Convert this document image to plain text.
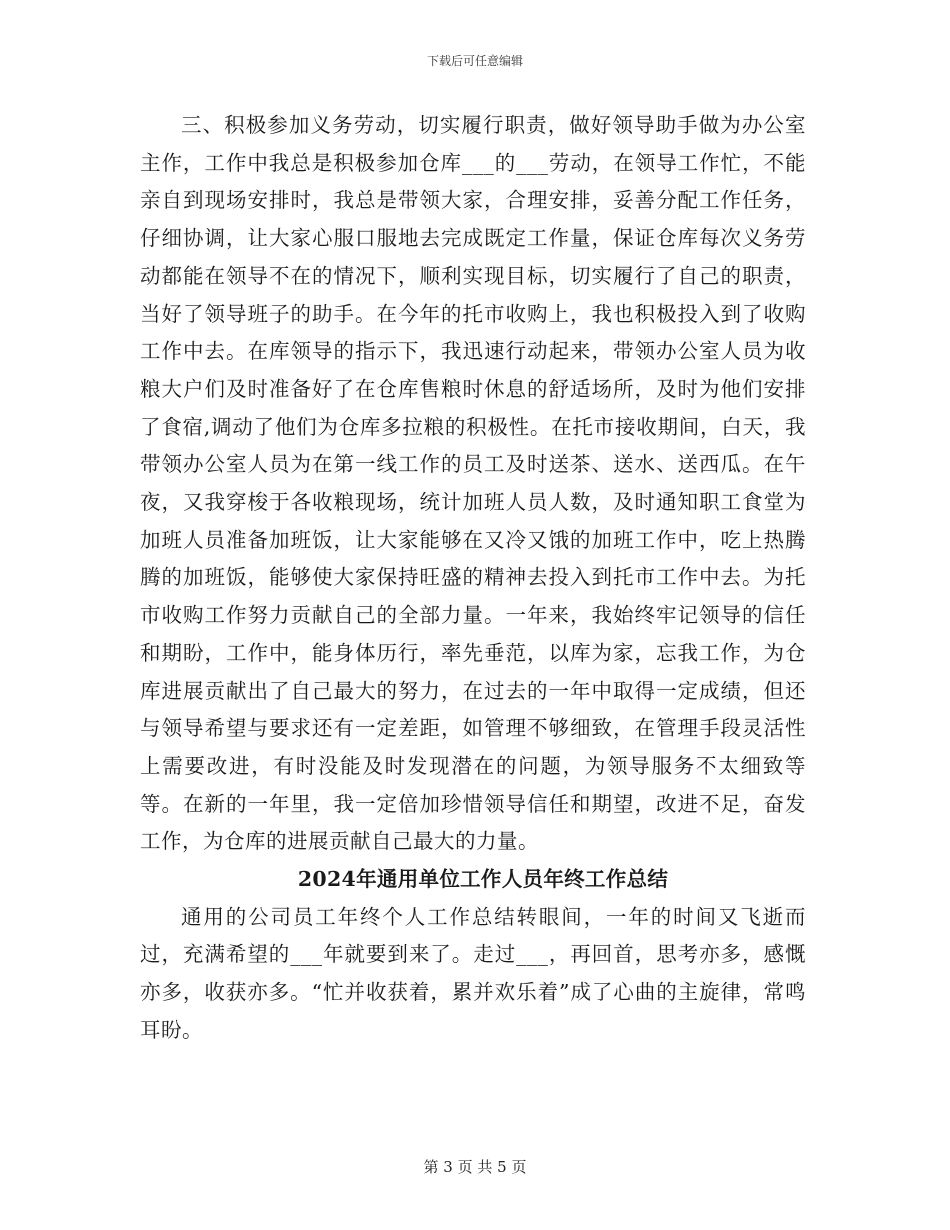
下载后可任意编辑

三、积极参加义务劳动，切实履行职责，做好领导助手做为办公室主作，工作中我总是积极参加仓库___的___劳动，在领导工作忙，不能亲自到现场安排时，我总是带领大家，合理安排，妥善分配工作任务，仔细协调，让大家心服口服地去完成既定工作量，保证仓库每次义务劳动都能在领导不在的情况下，顺利实现目标，切实履行了自己的职责，当好了领导班子的助手。在今年的托市收购上，我也积极投入到了收购工作中去。在库领导的指示下，我迅速行动起来，带领办公室人员为收粮大户们及时准备好了在仓库售粮时休息的舒适场所，及时为他们安排了食宿,调动了他们为仓库多拉粮的积极性。在托市接收期间，白天，我带领办公室人员为在第一线工作的员工及时送茶、送水、送西瓜。在午夜，又我穿梭于各收粮现场，统计加班人员人数，及时通知职工食堂为加班人员准备加班饭，让大家能够在又冷又饿的加班工作中，吃上热腾腾的加班饭，能够使大家保持旺盛的精神去投入到托市工作中去。为托市收购工作努力贡献自己的全部力量。一年来，我始终牢记领导的信任和期盼，工作中，能身体历行，率先垂范，以库为家，忘我工作，为仓库进展贡献出了自己最大的努力，在过去的一年中取得一定成绩，但还与领导希望与要求还有一定差距，如管理不够细致，在管理手段灵活性上需要改进，有时没能及时发现潜在的问题，为领导服务不太细致等等。在新的一年里，我一定倍加珍惜领导信任和期望，改进不足，奋发工作，为仓库的进展贡献自己最大的力量。

2024年通用单位工作人员年终工作总结

通用的公司员工年终个人工作总结转眼间，一年的时间又飞逝而过，充满希望的___年就要到来了。走过___，再回首，思考亦多，感慨亦多，收获亦多。“忙并收获着，累并欢乐着”成了心曲的主旋律，常鸣耳盼。

第 3 页 共 5 页
